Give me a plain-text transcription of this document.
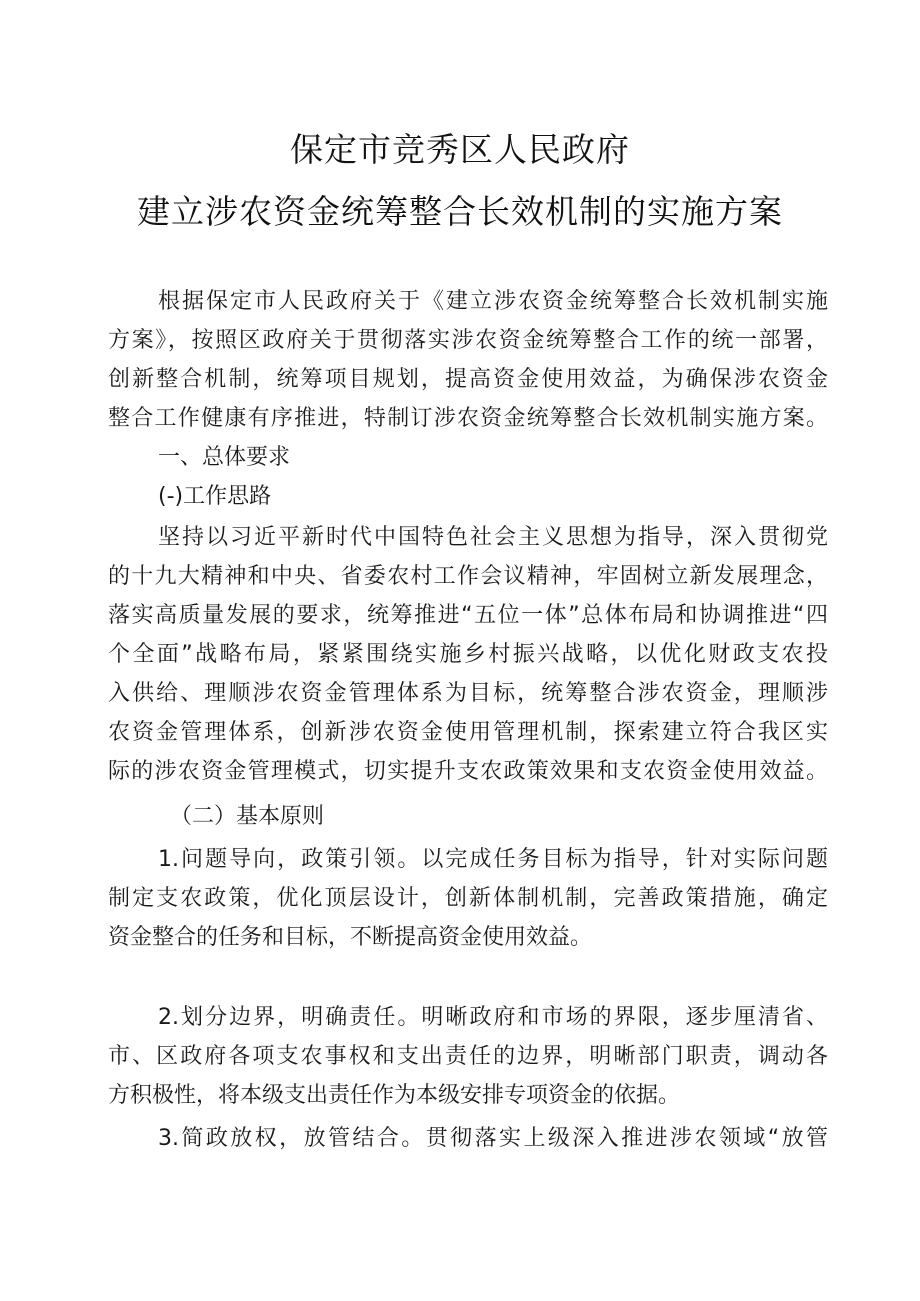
保定市竞秀区人民政府
建立涉农资金统筹整合长效机制的实施方案

根据保定市人民政府关于《建立涉农资金统筹整合长效机制实施

方案》，按照区政府关于贯彻落实涉农资金统筹整合工作的统一部署，

创新整合机制，统筹项目规划，提高资金使用效益，为确保涉农资金

整合工作健康有序推进，特制订涉农资金统筹整合长效机制实施方案。

一、总体要求

(-)工作思路

坚持以习近平新时代中国特色社会主义思想为指导，深入贯彻党

的十九大精神和中央、省委农村工作会议精神，牢固树立新发展理念，

落实高质量发展的要求，统筹推进“五位一体”总体布局和协调推进“四

个全面”战略布局，紧紧围绕实施乡村振兴战略，以优化财政支农投

入供给、理顺涉农资金管理体系为目标，统筹整合涉农资金，理顺涉

农资金管理体系，创新涉农资金使用管理机制，探索建立符合我区实

际的涉农资金管理模式，切实提升支农政策效果和支农资金使用效益。

（二）基本原则

1.问题导向，政策引领。以完成任务目标为指导，针对实际问题

制定支农政策，优化顶层设计，创新体制机制，完善政策措施，确定

资金整合的任务和目标，不断提高资金使用效益。

2.划分边界，明确责任。明晰政府和市场的界限，逐步厘清省、

市、区政府各项支农事权和支出责任的边界，明晰部门职责，调动各

方积极性，将本级支出责任作为本级安排专项资金的依据。

3.简政放权，放管结合。贯彻落实上级深入推进涉农领域“放管
